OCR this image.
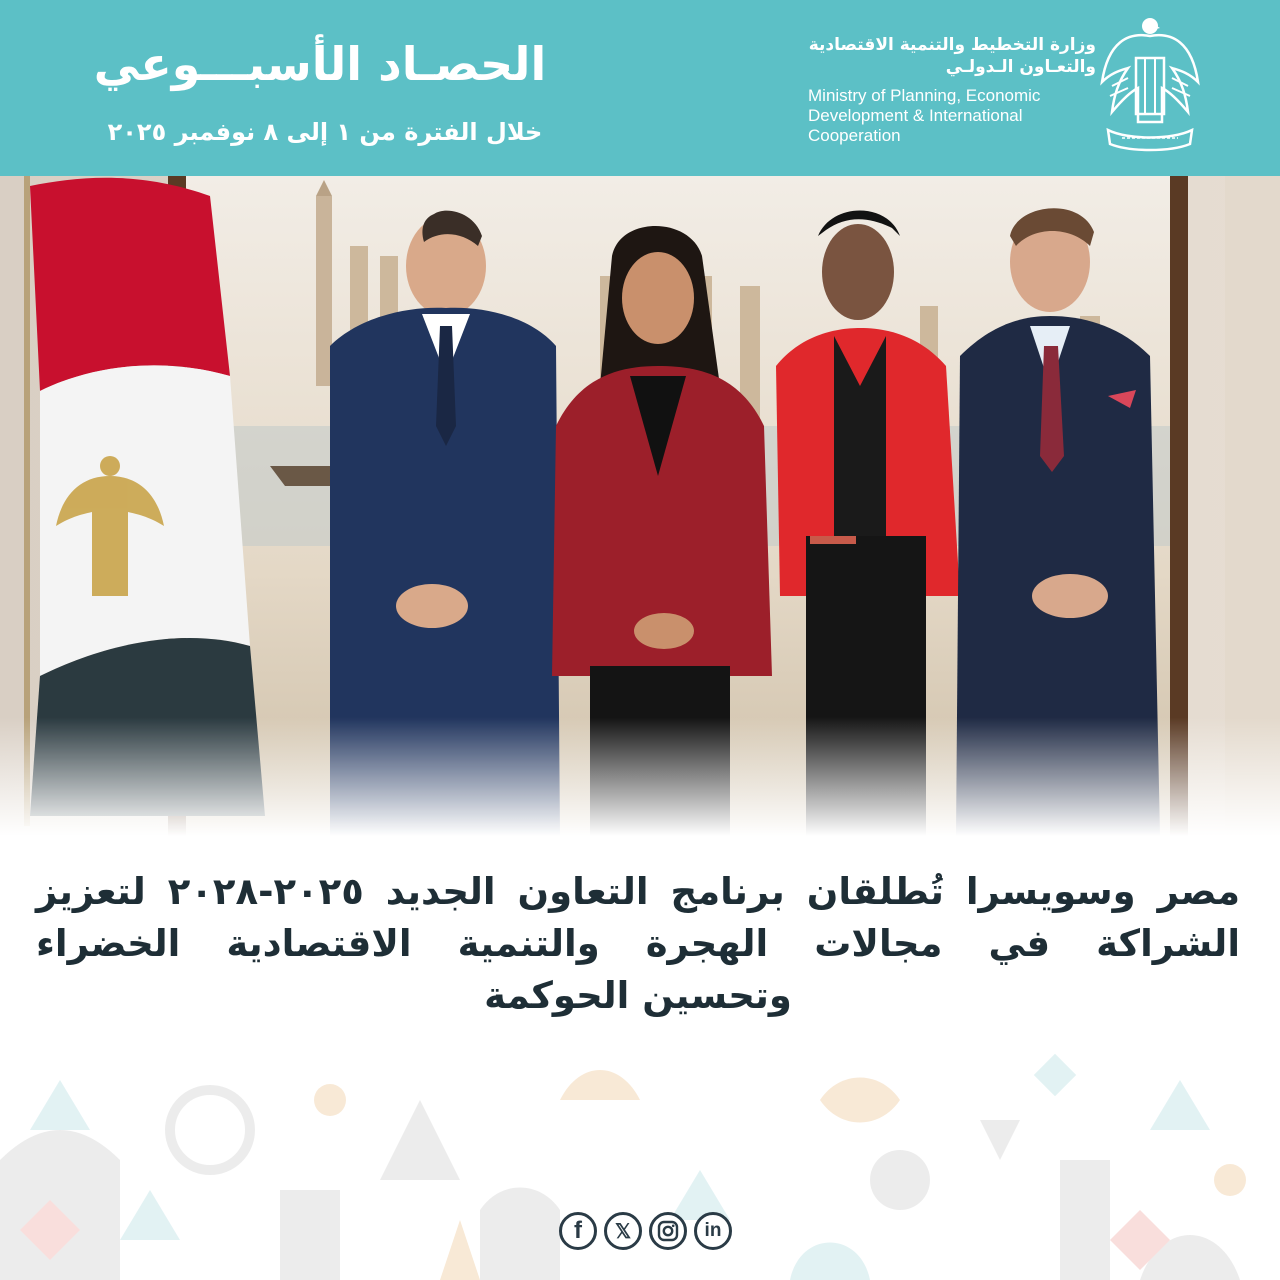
الحصـاد الأسبـــوعي
خلال الفترة من ١ إلى ٨ نوفمبر ٢٠٢٥
وزارة التخطيط والتنمية الاقتصادية
والتعـاون الـدولـي
Ministry of Planning, Economic
Development & International
Cooperation
مصر وسويسرا تُطلقان برنامج التعاون الجديد ٢٠٢٥-٢٠٢٨ لتعزيز
الشراكة في مجالات الهجرة والتنمية الاقتصادية الخضراء
وتحسين الحوكمة
f 𝕏	in
